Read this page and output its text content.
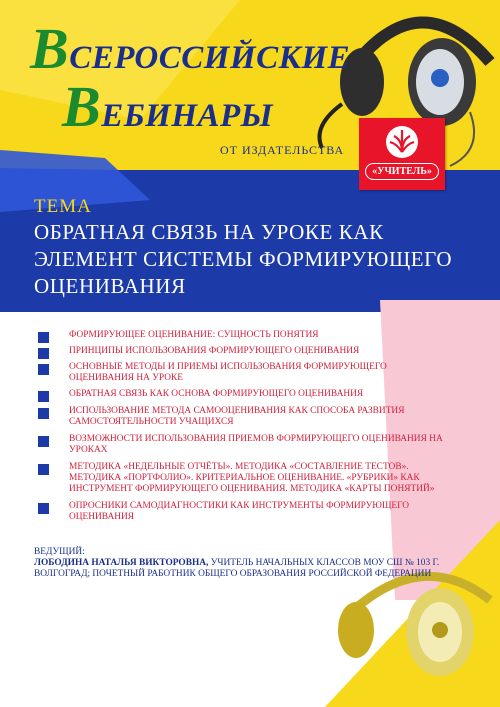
ВСЕРОССИЙСКИЕ
ВЕБИНАРЫ
ОТ ИЗДАТЕЛЬСТВА
«УЧИТЕЛЬ»
ТЕМА
ОБРАТНАЯ СВЯЗЬ НА УРОКЕ КАК ЭЛЕМЕНТ СИСТЕМЫ ФОРМИРУЮЩЕГО ОЦЕНИВАНИЯ
ФОРМИРУЮЩЕЕ ОЦЕНИВАНИЕ: СУЩНОСТЬ ПОНЯТИЯ
ПРИНЦИПЫ ИСПОЛЬЗОВАНИЯ ФОРМИРУЮЩЕГО ОЦЕНИВАНИЯ
ОСНОВНЫЕ МЕТОДЫ И ПРИЕМЫ ИСПОЛЬЗОВАНИЯ ФОРМИРУЮЩЕГО ОЦЕНИВАНИЯ НА УРОКЕ
ОБРАТНАЯ СВЯЗЬ КАК ОСНОВА ФОРМИРУЮЩЕГО ОЦЕНИВАНИЯ
ИСПОЛЬЗОВАНИЕ МЕТОДА САМООЦЕНИВАНИЯ КАК СПОСОБА РАЗВИТИЯ САМОСТОЯТЕЛЬНОСТИ УЧАЩИХСЯ
ВОЗМОЖНОСТИ ИСПОЛЬЗОВАНИЯ ПРИЕМОВ ФОРМИРУЮЩЕГО ОЦЕНИВАНИЯ НА УРОКАХ
МЕТОДИКА «НЕДЕЛЬНЫЕ ОТЧЁТЫ». МЕТОДИКА «СОСТАВЛЕНИЕ ТЕСТОВ». МЕТОДИКА «ПОРТФОЛИО». КРИТЕРИАЛЬНОЕ ОЦЕНИВАНИЕ. «РУБРИКИ» КАК ИНСТРУМЕНТ ФОРМИРУЮЩЕГО ОЦЕНИВАНИЯ. МЕТОДИКА «КАРТЫ ПОНЯТИЙ»
ОПРОСНИКИ САМОДИАГНОСТИКИ КАК ИНСТРУМЕНТЫ ФОРМИРУЮЩЕГО ОЦЕНИВАНИЯ
ВЕДУЩИЙ:
ЛОБОДИНА НАТАЛЬЯ ВИКТОРОВНА, УЧИТЕЛЬ НАЧАЛЬНЫХ КЛАССОВ МОУ СШ № 103 Г. ВОЛГОГРАД; ПОЧЕТНЫЙ РАБОТНИК ОБЩЕГО ОБРАЗОВАНИЯ РОССИЙСКОЙ ФЕДЕРАЦИИ
